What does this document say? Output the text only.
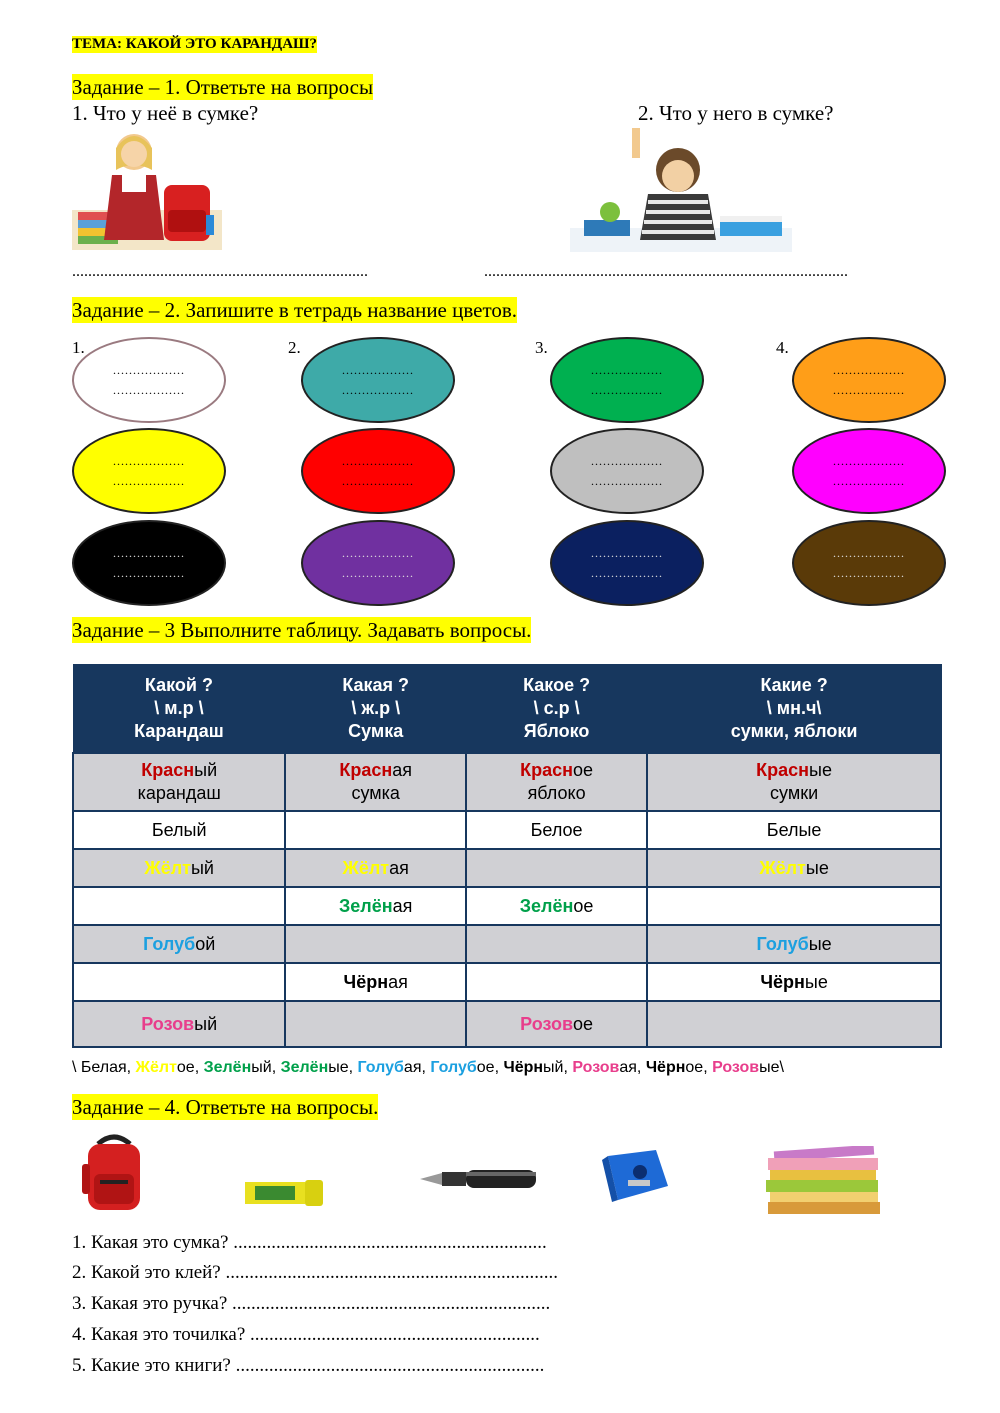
ТЕМА: КАКОЙ ЭТО КАРАНДАШ?
Задание – 1. Ответьте на вопросы
1. Что у неё в сумке?	2. Что у него в сумке?
..........................................................................	...........................................................................................
Задание – 2. Запишите в тетрадь название цветов.
1.	2.	3.	4.
..................
..................
..................
..................
..................
..................
..................
..................
..................
..................
..................
..................
..................
..................
..................
..................
..................
..................
..................
..................
..................
..................
..................
..................
Задание – 3 Выполните таблицу. Задавать вопросы.
Какой ?
\ м.р \
Карандаш	Какая ?
\ ж.р \
Сумка	Какое ?
\ с.р \
Яблоко	Какие ?
\ мн.ч\
сумки, яблоки
Красный
карандаш	Красная
сумка	Красное
яблоко	Красные
сумки
Белый		Белое	Белые
Жёлтый	Жёлтая		Жёлтые
	Зелёная	Зелёное	
Голубой			Голубые
	Чёрная		Чёрные
Розовый		Розовое	
\ Белая, Жёлтое, Зелёный, Зелёные, Голубая, Голубое, Чёрный, Розовая, Чёрное, Розовые\
Задание – 4. Ответьте на вопросы.
1. Какая это сумка? ..................................................................
2. Какой это клей? ......................................................................
3. Какая это ручка? ...................................................................
4. Какая это точилка? .............................................................
5. Какие это книги? .................................................................
